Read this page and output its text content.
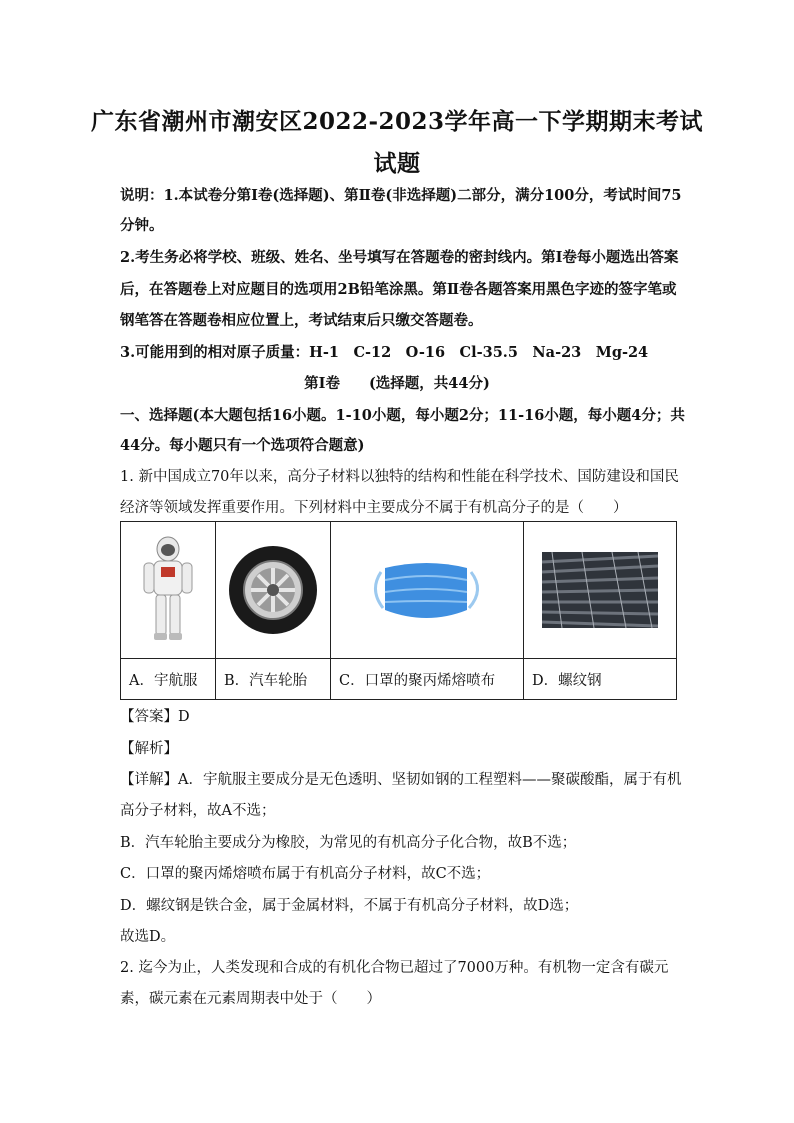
广东省潮州市潮安区2022-2023学年高一下学期期末考试
试题
说明：1.本试卷分第Ⅰ卷(选择题)、第Ⅱ卷(非选择题)二部分，满分100分，考试时间75
分钟。
2.考生务必将学校、班级、姓名、坐号填写在答题卷的密封线内。第Ⅰ卷每小题选出答案
后，在答题卷上对应题目的选项用2B铅笔涂黑。第Ⅱ卷各题答案用黑色字迹的签字笔或
钢笔答在答题卷相应位置上，考试结束后只缴交答题卷。
3.可能用到的相对原子质量：H-1　C-12　O-16　Cl-35.5　Na-23　Mg-24
第Ⅰ卷　　(选择题，共44分)
一、选择题(本大题包括16小题。1-10小题，每小题2分；11-16小题，每小题4分；共
44分。每小题只有一个选项符合题意)
1. 新中国成立70年以来，高分子材料以独特的结构和性能在科学技术、国防建设和国民
经济等领域发挥重要作用。下列材料中主要成分不属于有机高分子的是（　　）

A．宇航服	B．汽车轮胎	C．口罩的聚丙烯熔喷布	D．螺纹钢
【答案】D
【解析】
【详解】A．宇航服主要成分是无色透明、坚韧如钢的工程塑料——聚碳酸酯，属于有机
高分子材料，故A不选；
B．汽车轮胎主要成分为橡胶，为常见的有机高分子化合物，故B不选；
C．口罩的聚丙烯熔喷布属于有机高分子材料，故C不选；
D．螺纹钢是铁合金，属于金属材料，不属于有机高分子材料，故D选；
故选D。
2. 迄今为止，人类发现和合成的有机化合物已超过了7000万种。有机物一定含有碳元
素，碳元素在元素周期表中处于（　　）
